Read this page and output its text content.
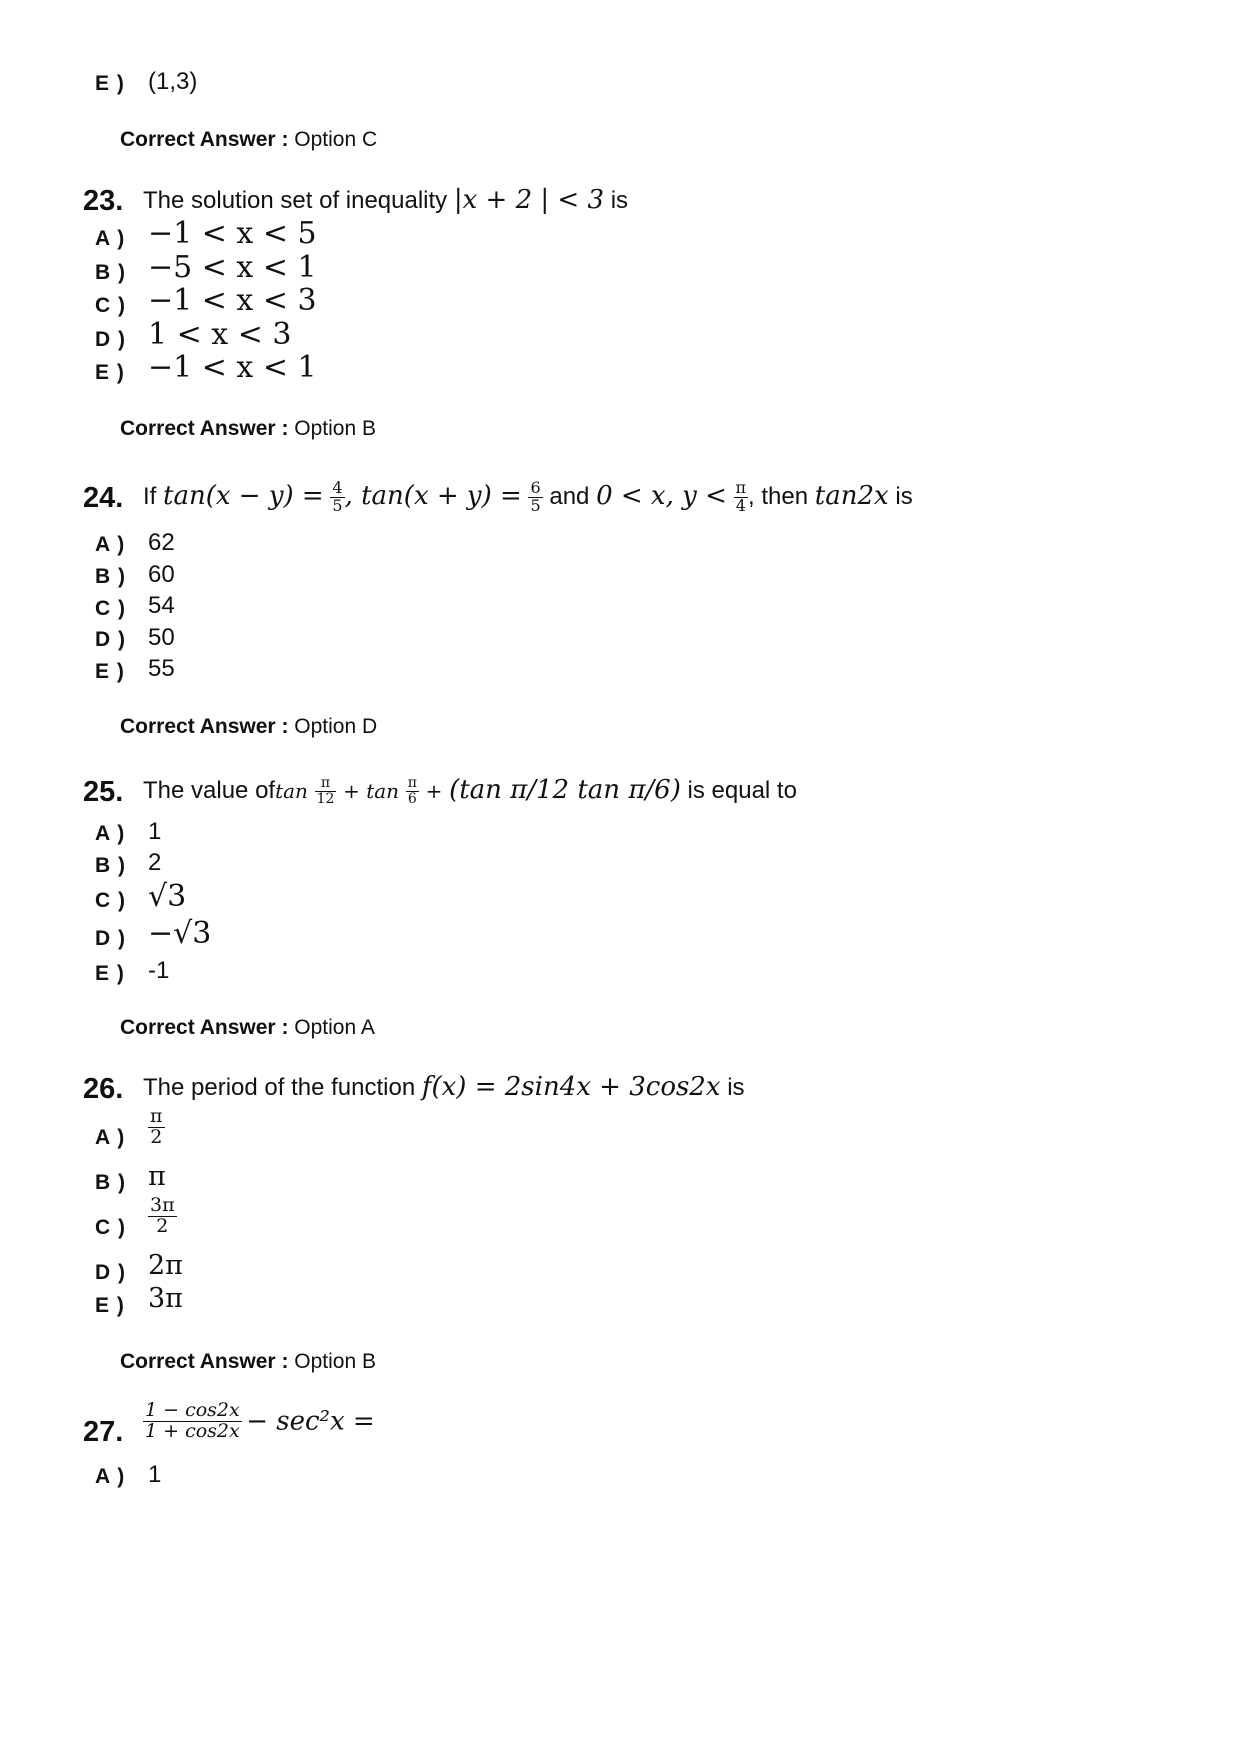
E ) (1,3)
Correct Answer : Option C
23. The solution set of inequality |x + 2 | < 3 is
A ) −1 < x < 5
B ) −5 < x < 1
C ) −1 < x < 3
D ) 1 < x < 3
E ) −1 < x < 1
Correct Answer : Option B
24. If $\tan(x - y) = \frac{4}{5}$ , $\tan(x + y) = \frac{6}{5}$ and 0 < x, $y < \frac{\pi}{4}$ , then tan2x is
A ) 62
B ) 60
C ) 54
D ) 50
E ) 55
Correct Answer : Option D
25. The value oftan $\frac{\pi}{12} + \tan \frac{\pi}{6} + (\tan$ π/12 tan π/6) is equal to
A ) 1
B ) 2
C ) √3
D ) −√3
E ) -1
Correct Answer : Option A
26. The period of the function f(x) = 2sin4x + 3cos2x is
A ) $\frac{\pi}{2}$
B ) π
C ) $\frac{3\pi}{2}$
D ) 2π
E ) 3π
Correct Answer : Option B
27. $\frac{1 - \cos 2x}{1 + \cos 2x} - \sec^2x$ =
A ) 1
